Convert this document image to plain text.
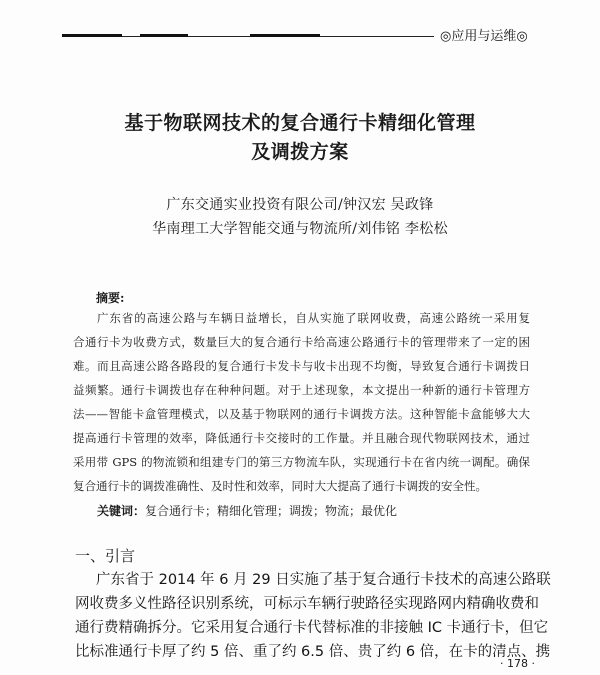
◎应用与运维◎
基于物联网技术的复合通行卡精细化管理
及调拨方案
广东交通实业投资有限公司/钟汉宏 吴政锋
华南理工大学智能交通与物流所/刘伟铭 李松松
摘要:
广东省的高速公路与车辆日益增长，自从实施了联网收费，高速公路统一采用复
合通行卡为收费方式，数量巨大的复合通行卡给高速公路通行卡的管理带来了一定的困
难。而且高速公路各路段的复合通行卡发卡与收卡出现不均衡，导致复合通行卡调拨日
益频繁。通行卡调拨也存在种种问题。对于上述现象，本文提出一种新的通行卡管理方
法——智能卡盒管理模式，以及基于物联网的通行卡调拨方法。这种智能卡盒能够大大
提高通行卡管理的效率，降低通行卡交接时的工作量。并且融合现代物联网技术，通过
采用带 GPS 的物流锁和组建专门的第三方物流车队，实现通行卡在省内统一调配。确保
复合通行卡的调拨准确性、及时性和效率，同时大大提高了通行卡调拨的安全性。
关键词：复合通行卡；精细化管理；调拨；物流；最优化
一、引言
广东省于 2014 年 6 月 29 日实施了基于复合通行卡技术的高速公路联
网收费多义性路径识别系统，可标示车辆行驶路径实现路网内精确收费和
通行费精确拆分。它采用复合通行卡代替标准的非接触 IC 卡通行卡，但它
比标准通行卡厚了约 5 倍、重了约 6.5 倍、贵了约 6 倍，在卡的清点、携
· 178 ·
